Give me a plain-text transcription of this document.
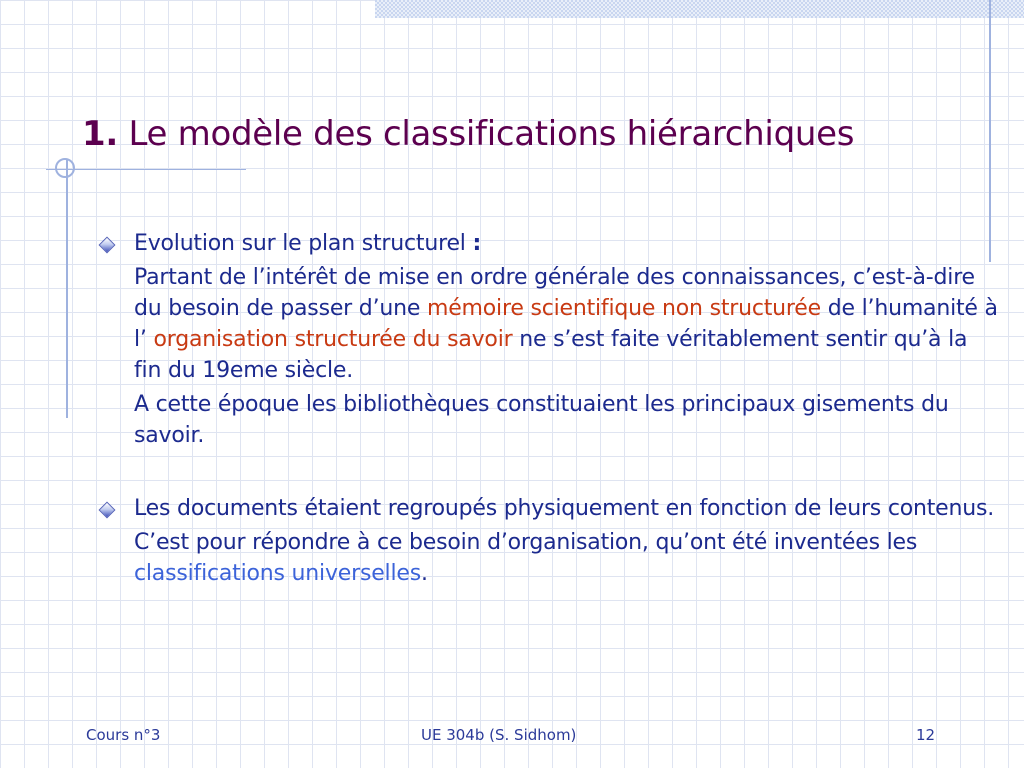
1. Le modèle des classifications hiérarchiques

Evolution sur le plan structurel :

Partant de l’intérêt de mise en ordre générale des connaissances, c’est-à-dire du besoin de passer d’une mémoire scientifique non structurée de l’humanité à l’ organisation structurée du savoir ne s’est faite véritablement sentir qu’à la fin du 19eme siècle.

A cette époque les bibliothèques constituaient les principaux gisements du savoir.

Les documents étaient regroupés physiquement en fonction de leurs contenus.

C’est pour répondre à ce besoin d’organisation, qu’ont été inventées les classifications universelles.

Cours n°3	UE 304b (S. Sidhom)	12
